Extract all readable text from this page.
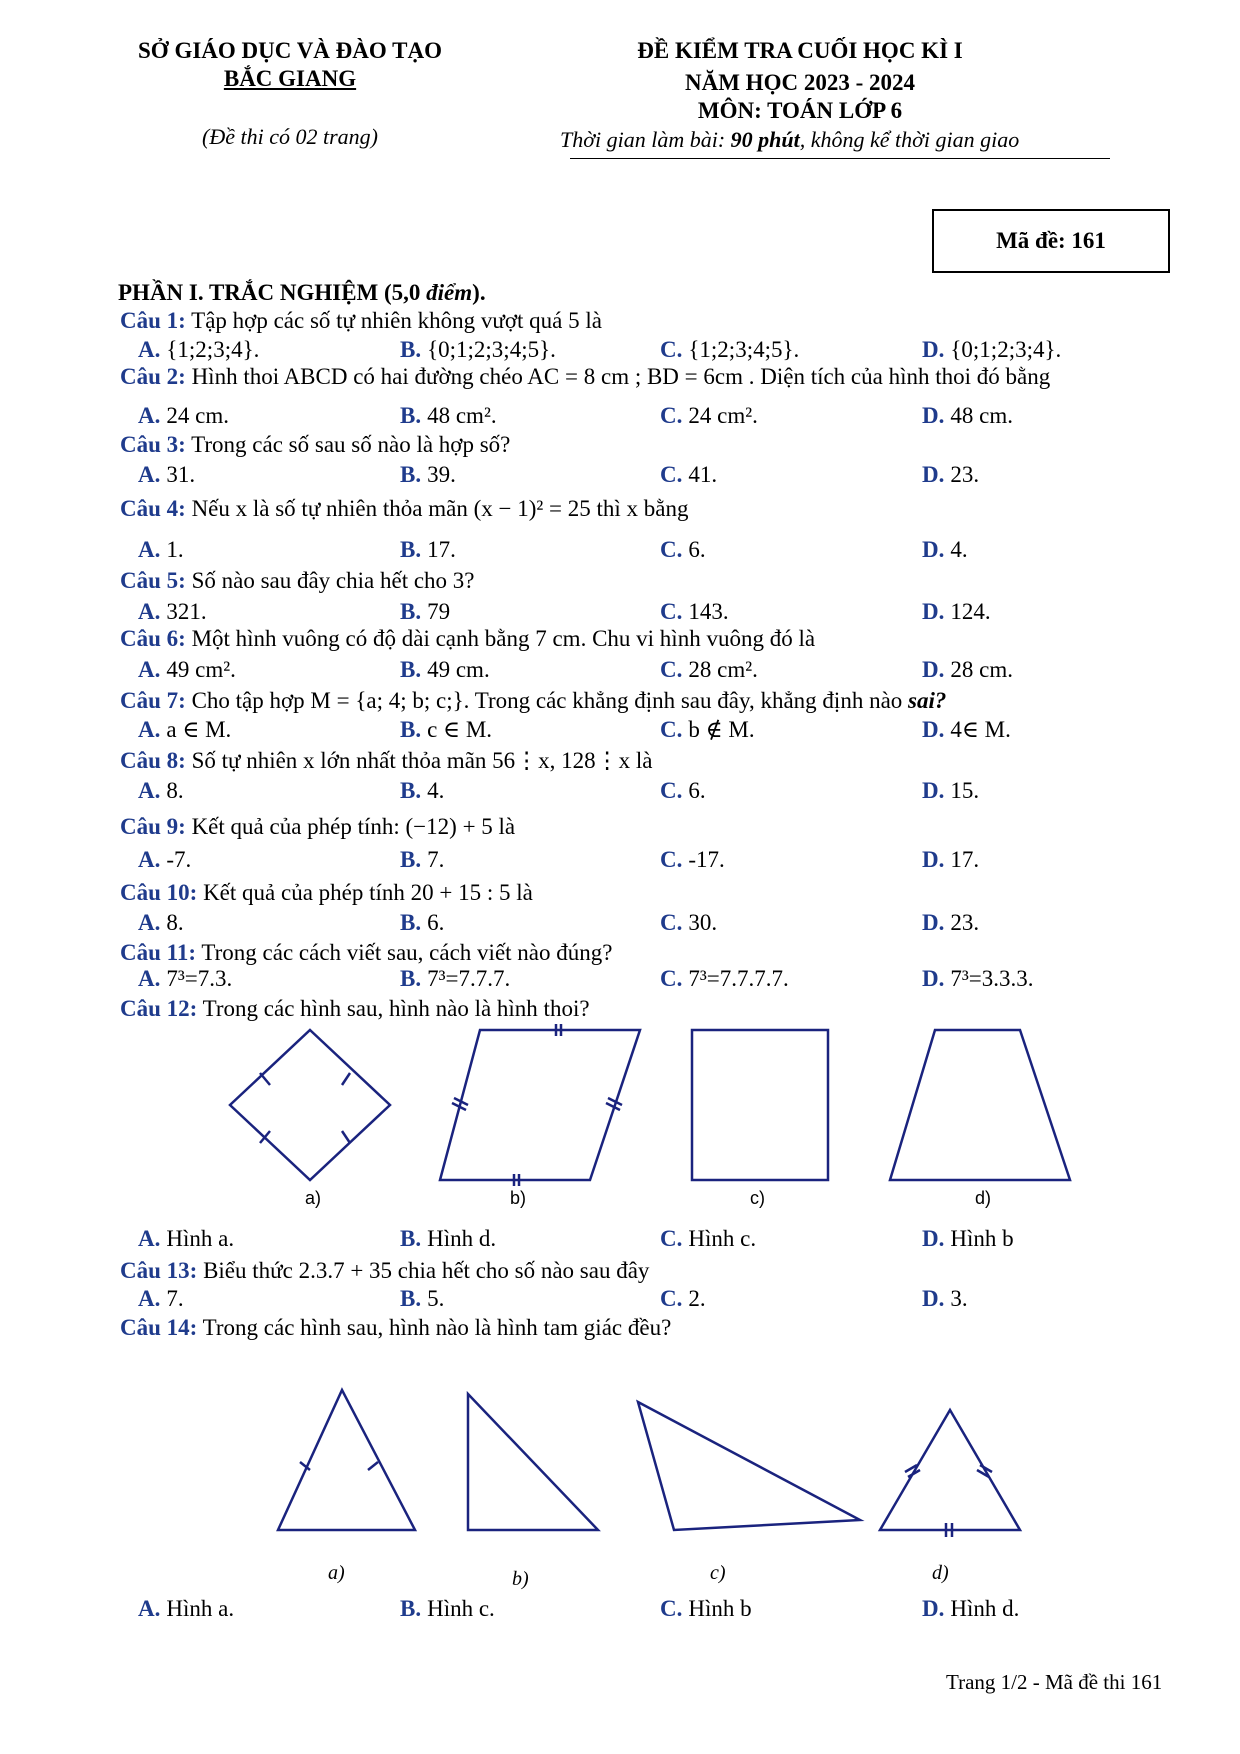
SỞ GIÁO DỤC VÀ ĐÀO TẠO
BẮC GIANG
(Đề thi có 02 trang)
ĐỀ KIỂM TRA CUỐI HỌC KÌ I
NĂM HỌC 2023 - 2024
MÔN: TOÁN LỚP 6
Thời gian làm bài: 90 phút, không kể thời gian giao
Mã đề: 161
PHẦN I. TRẮC NGHIỆM (5,0 điểm).
Câu 1: Tập hợp các số tự nhiên không vượt quá 5 là
A. {1;2;3;4}.	B. {0;1;2;3;4;5}.	C. {1;2;3;4;5}.	D. {0;1;2;3;4}.
Câu 2: Hình thoi ABCD có hai đường chéo AC = 8 cm ; BD = 6cm . Diện tích của hình thoi đó bằng
A. 24 cm.	B. 48 cm².	C. 24 cm².	D. 48 cm.
Câu 3: Trong các số sau số nào là hợp số?
A. 31.	B. 39.	C. 41.	D. 23.
Câu 4: Nếu x là số tự nhiên thỏa mãn (x − 1)² = 25 thì x bằng
A. 1.	B. 17.	C. 6.	D. 4.
Câu 5: Số nào sau đây chia hết cho 3?
A. 321.	B. 79	C. 143.	D. 124.
Câu 6: Một hình vuông có độ dài cạnh bằng 7 cm. Chu vi hình vuông đó là
A. 49 cm².	B. 49 cm.	C. 28 cm².	D. 28 cm.
Câu 7: Cho tập hợp M = {a; 4; b; c;}. Trong các khẳng định sau đây, khẳng định nào sai?
A. a ∈ M.	B. c ∈ M.	C. b ∉ M.	D. 4∈ M.
Câu 8: Số tự nhiên x lớn nhất thỏa mãn 56⋮x, 128⋮x là
A. 8.	B. 4.	C. 6.	D. 15.
Câu 9: Kết quả của phép tính: (−12) + 5 là
A. -7.	B. 7.	C. -17.	D. 17.
Câu 10: Kết quả của phép tính 20 + 15 : 5 là
A. 8.	B. 6.	C. 30.	D. 23.
Câu 11: Trong các cách viết sau, cách viết nào đúng?
A. 7³=7.3.	B. 7³=7.7.7.	C. 7³=7.7.7.7.	D. 7³=3.3.3.
Câu 12: Trong các hình sau, hình nào là hình thoi?
A. Hình a.	B. Hình d.	C. Hình c.	D. Hình b
Câu 13: Biểu thức 2.3.7 + 35 chia hết cho số nào sau đây
A. 7.	B. 5.	C. 2.	D. 3.
Câu 14: Trong các hình sau, hình nào là hình tam giác đều?
A. Hình a.	B. Hình c.	C. Hình b	D. Hình d.
a)	b)	c)	d)
a)	b)	c)	d)
Trang 1/2 - Mã đề thi 161
